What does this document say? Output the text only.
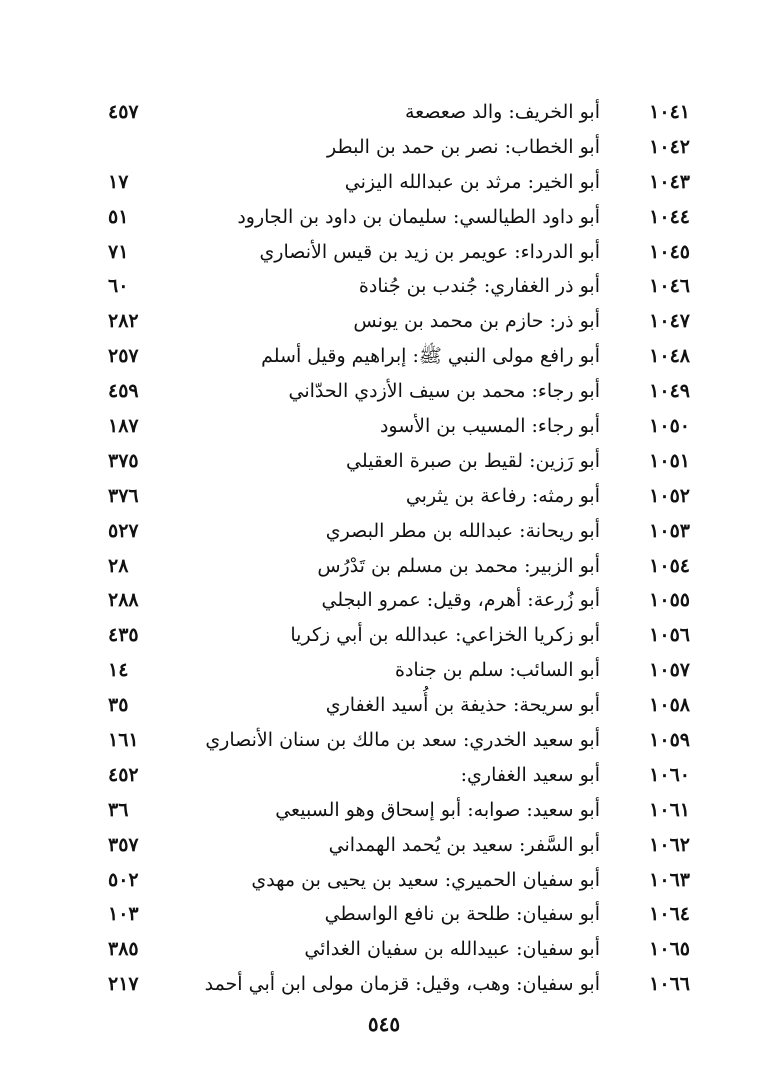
١٠٤١
أبو الخريف: والد صعصعة
٤٥٧
١٠٤٢
أبو الخطاب: نصر بن حمد بن البطر
١٠٤٣
أبو الخير: مرثد بن عبدالله اليزني
١٧
١٠٤٤
أبو داود الطيالسي: سليمان بن داود بن الجارود
٥١
١٠٤٥
أبو الدرداء: عويمر بن زيد بن قيس الأنصاري
٧١
١٠٤٦
أبو ذر الغفاري: جُندب بن جُنادة
٦٠
١٠٤٧
أبو ذر: حازم بن محمد بن يونس
٢٨٢
١٠٤٨
أبو رافع مولى النبي ﷺ: إبراهيم وقيل أسلم
٢٥٧
١٠٤٩
أبو رجاء: محمد بن سيف الأزدي الحدّاني
٤٥٩
١٠٥٠
أبو رجاء: المسيب بن الأسود
١٨٧
١٠٥١
أبو رَزين: لقيط بن صبرة العقيلي
٣٧٥
١٠٥٢
أبو رمثه: رفاعة بن يثربي
٣٧٦
١٠٥٣
أبو ريحانة: عبدالله بن مطر البصري
٥٢٧
١٠٥٤
أبو الزبير: محمد بن مسلم بن تَدْرُس
٢٨
١٠٥٥
أبو زُرعة: أهرم، وقيل: عمرو البجلي
٢٨٨
١٠٥٦
أبو زكريا الخزاعي: عبدالله بن أبي زكريا
٤٣٥
١٠٥٧
أبو السائب: سلم بن جنادة
١٤
١٠٥٨
أبو سريحة: حذيفة بن أُسيد الغفاري
٣٥
١٠٥٩
أبو سعيد الخدري: سعد بن مالك بن سنان الأنصاري
١٦١
١٠٦٠
أبو سعيد الغفاري:
٤٥٢
١٠٦١
أبو سعيد: صوابه: أبو إسحاق وهو السبيعي
٣٦
١٠٦٢
أبو السَّفر: سعيد بن يُحمد الهمداني
٣٥٧
١٠٦٣
أبو سفيان الحميري: سعيد بن يحيى بن مهدي
٥٠٢
١٠٦٤
أبو سفيان: طلحة بن نافع الواسطي
١٠٣
١٠٦٥
أبو سفيان: عبيدالله بن سفيان الغدائي
٣٨٥
١٠٦٦
أبو سفيان: وهب، وقيل: قزمان مولى ابن أبي أحمد
٢١٧
٥٤٥
